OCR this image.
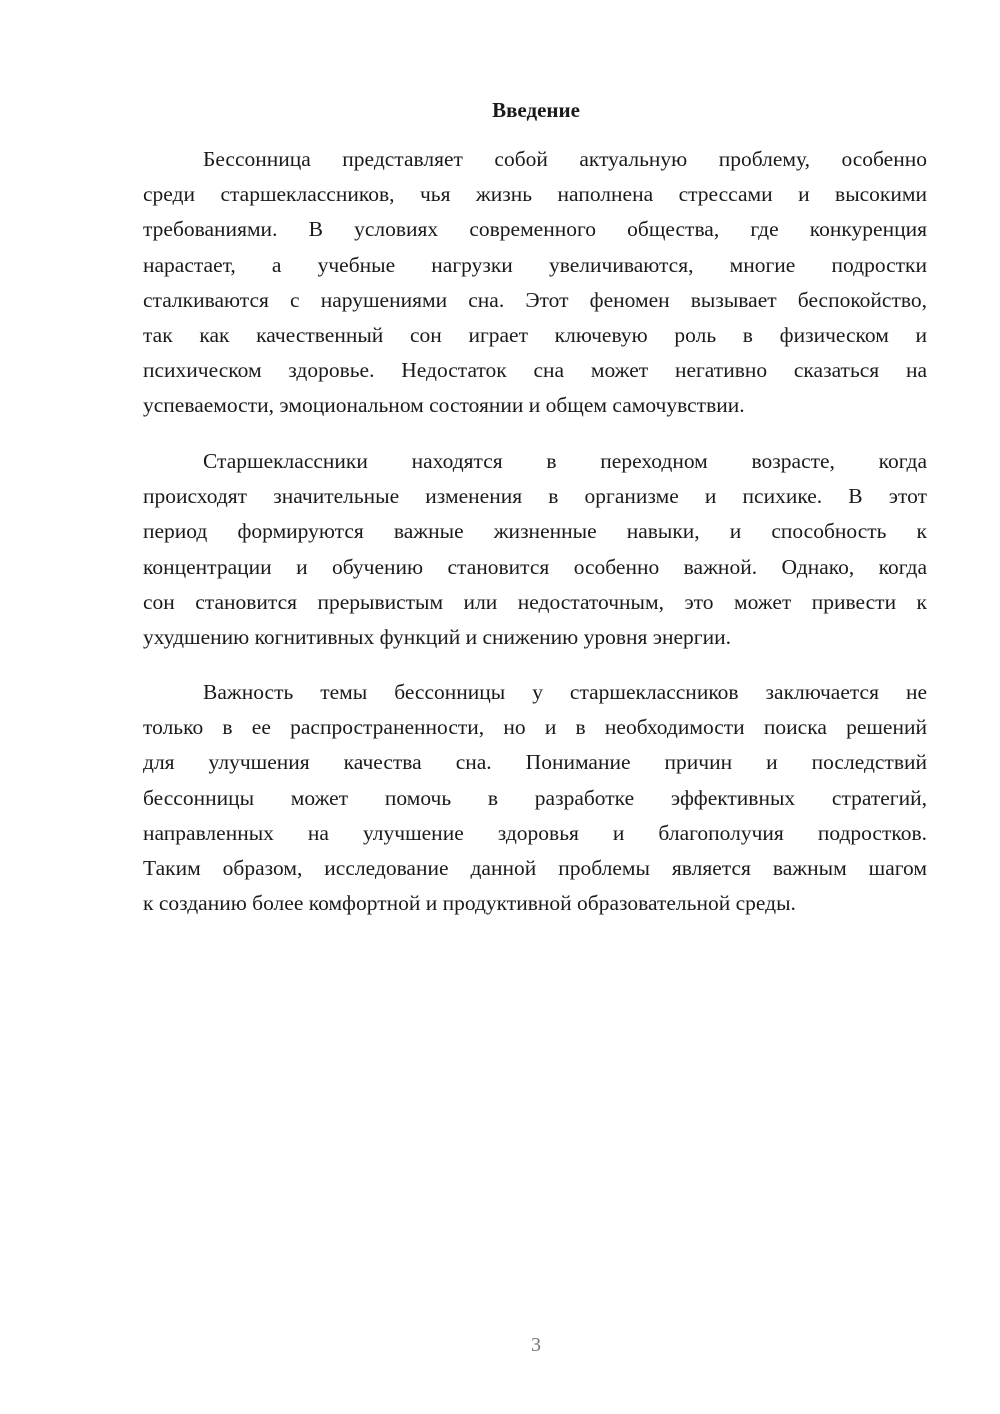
Введение
Бессонница представляет собой актуальную проблему, особенно
среди старшеклассников, чья жизнь наполнена стрессами и высокими
требованиями. В условиях современного общества, где конкуренция
нарастает, а учебные нагрузки увеличиваются, многие подростки
сталкиваются с нарушениями сна. Этот феномен вызывает беспокойство,
так как качественный сон играет ключевую роль в физическом и
психическом здоровье. Недостаток сна может негативно сказаться на
успеваемости, эмоциональном состоянии и общем самочувствии.
Старшеклассники находятся в переходном возрасте, когда
происходят значительные изменения в организме и психике. В этот
период формируются важные жизненные навыки, и способность к
концентрации и обучению становится особенно важной. Однако, когда
сон становится прерывистым или недостаточным, это может привести к
ухудшению когнитивных функций и снижению уровня энергии.
Важность темы бессонницы у старшеклассников заключается не
только в ее распространенности, но и в необходимости поиска решений
для улучшения качества сна. Понимание причин и последствий
бессонницы может помочь в разработке эффективных стратегий,
направленных на улучшение здоровья и благополучия подростков.
Таким образом, исследование данной проблемы является важным шагом
к созданию более комфортной и продуктивной образовательной среды.
3
